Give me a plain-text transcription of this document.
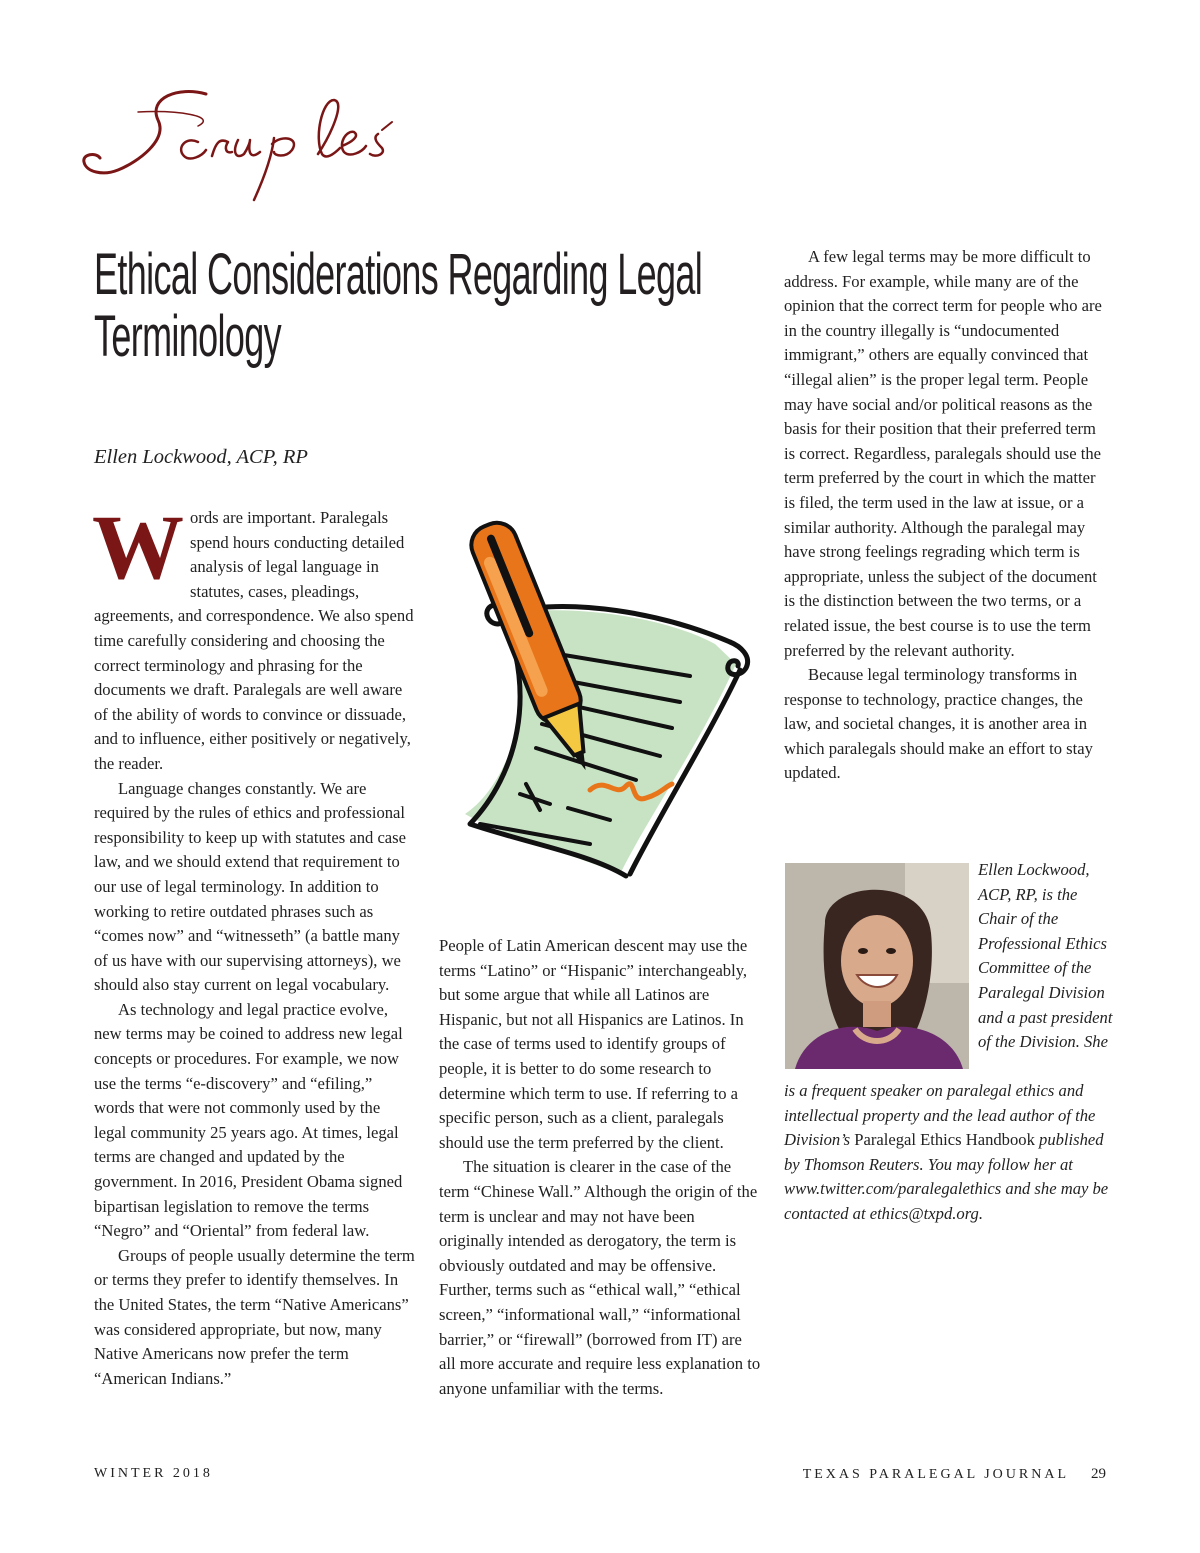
Ethical Considerations Regarding Legal
Terminology
Ellen Lockwood, ACP, RP

Words are important. Paralegals spend hours conducting detailed analysis of legal language in statutes, cases, pleadings, agreements, and correspondence. We also spend time carefully considering and choosing the correct terminology and phrasing for the documents we draft. Paralegals are well aware of the ability of words to convince or dissuade, and to influence, either positively or negatively, the reader.

Language changes constantly. We are required by the rules of ethics and professional responsibility to keep up with statutes and case law, and we should extend that requirement to our use of legal terminology. In addition to working to retire outdated phrases such as “comes now” and “witnesseth” (a battle many of us have with our supervising attorneys), we should also stay current on legal vocabulary.

As technology and legal practice evolve, new terms may be coined to address new legal concepts or procedures. For example, we now use the terms “e-discovery” and “efiling,” words that were not commonly used by the legal community 25 years ago. At times, legal terms are changed and updated by the government. In 2016, President Obama signed bipartisan legislation to remove the terms “Negro” and “Oriental” from federal law.

Groups of people usually determine the term or terms they prefer to identify themselves. In the United States, the term “Native Americans” was considered appropriate, but now, many Native Americans now prefer the term “American Indians.”

People of Latin American descent may use the terms “Latino” or “Hispanic” interchangeably, but some argue that while all Latinos are Hispanic, but not all Hispanics are Latinos. In the case of terms used to identify groups of people, it is better to do some research to determine which term to use. If referring to a specific person, such as a client, paralegals should use the term preferred by the client.

The situation is clearer in the case of the term “Chinese Wall.” Although the origin of the term is unclear and may not have been originally intended as derogatory, the term is obviously outdated and may be offensive. Further, terms such as “ethical wall,” “ethical screen,” “informational wall,” “informational barrier,” or “firewall” (borrowed from IT) are all more accurate and require less explanation to anyone unfamiliar with the terms.

A few legal terms may be more difficult to address. For example, while many are of the opinion that the correct term for people who are in the country illegally is “undocumented immigrant,” others are equally convinced that “illegal alien” is the proper legal term. People may have social and/or political reasons as the basis for their position that their preferred term is correct. Regardless, paralegals should use the term preferred by the court in which the matter is filed, the term used in the law at issue, or a similar authority. Although the paralegal may have strong feelings regrading which term is appropriate, unless the subject of the document is the distinction between the two terms, or a related issue, the best course is to use the term preferred by the relevant authority.

Because legal terminology transforms in response to technology, practice changes, the law, and societal changes, it is another area in which paralegals should make an effort to stay updated.

Ellen Lockwood, ACP, RP, is the Chair of the Professional Ethics Committee of the Paralegal Division and a past president of the Division. She
is a frequent speaker on paralegal ethics and intellectual property and the lead author of the Division’s Paralegal Ethics Handbook published by Thomson Reuters. You may follow her at www.twitter.com/paralegalethics and she may be contacted at ethics@txpd.org.
WINTER 2018	TEXAS PARALEGAL JOURNAL 29
